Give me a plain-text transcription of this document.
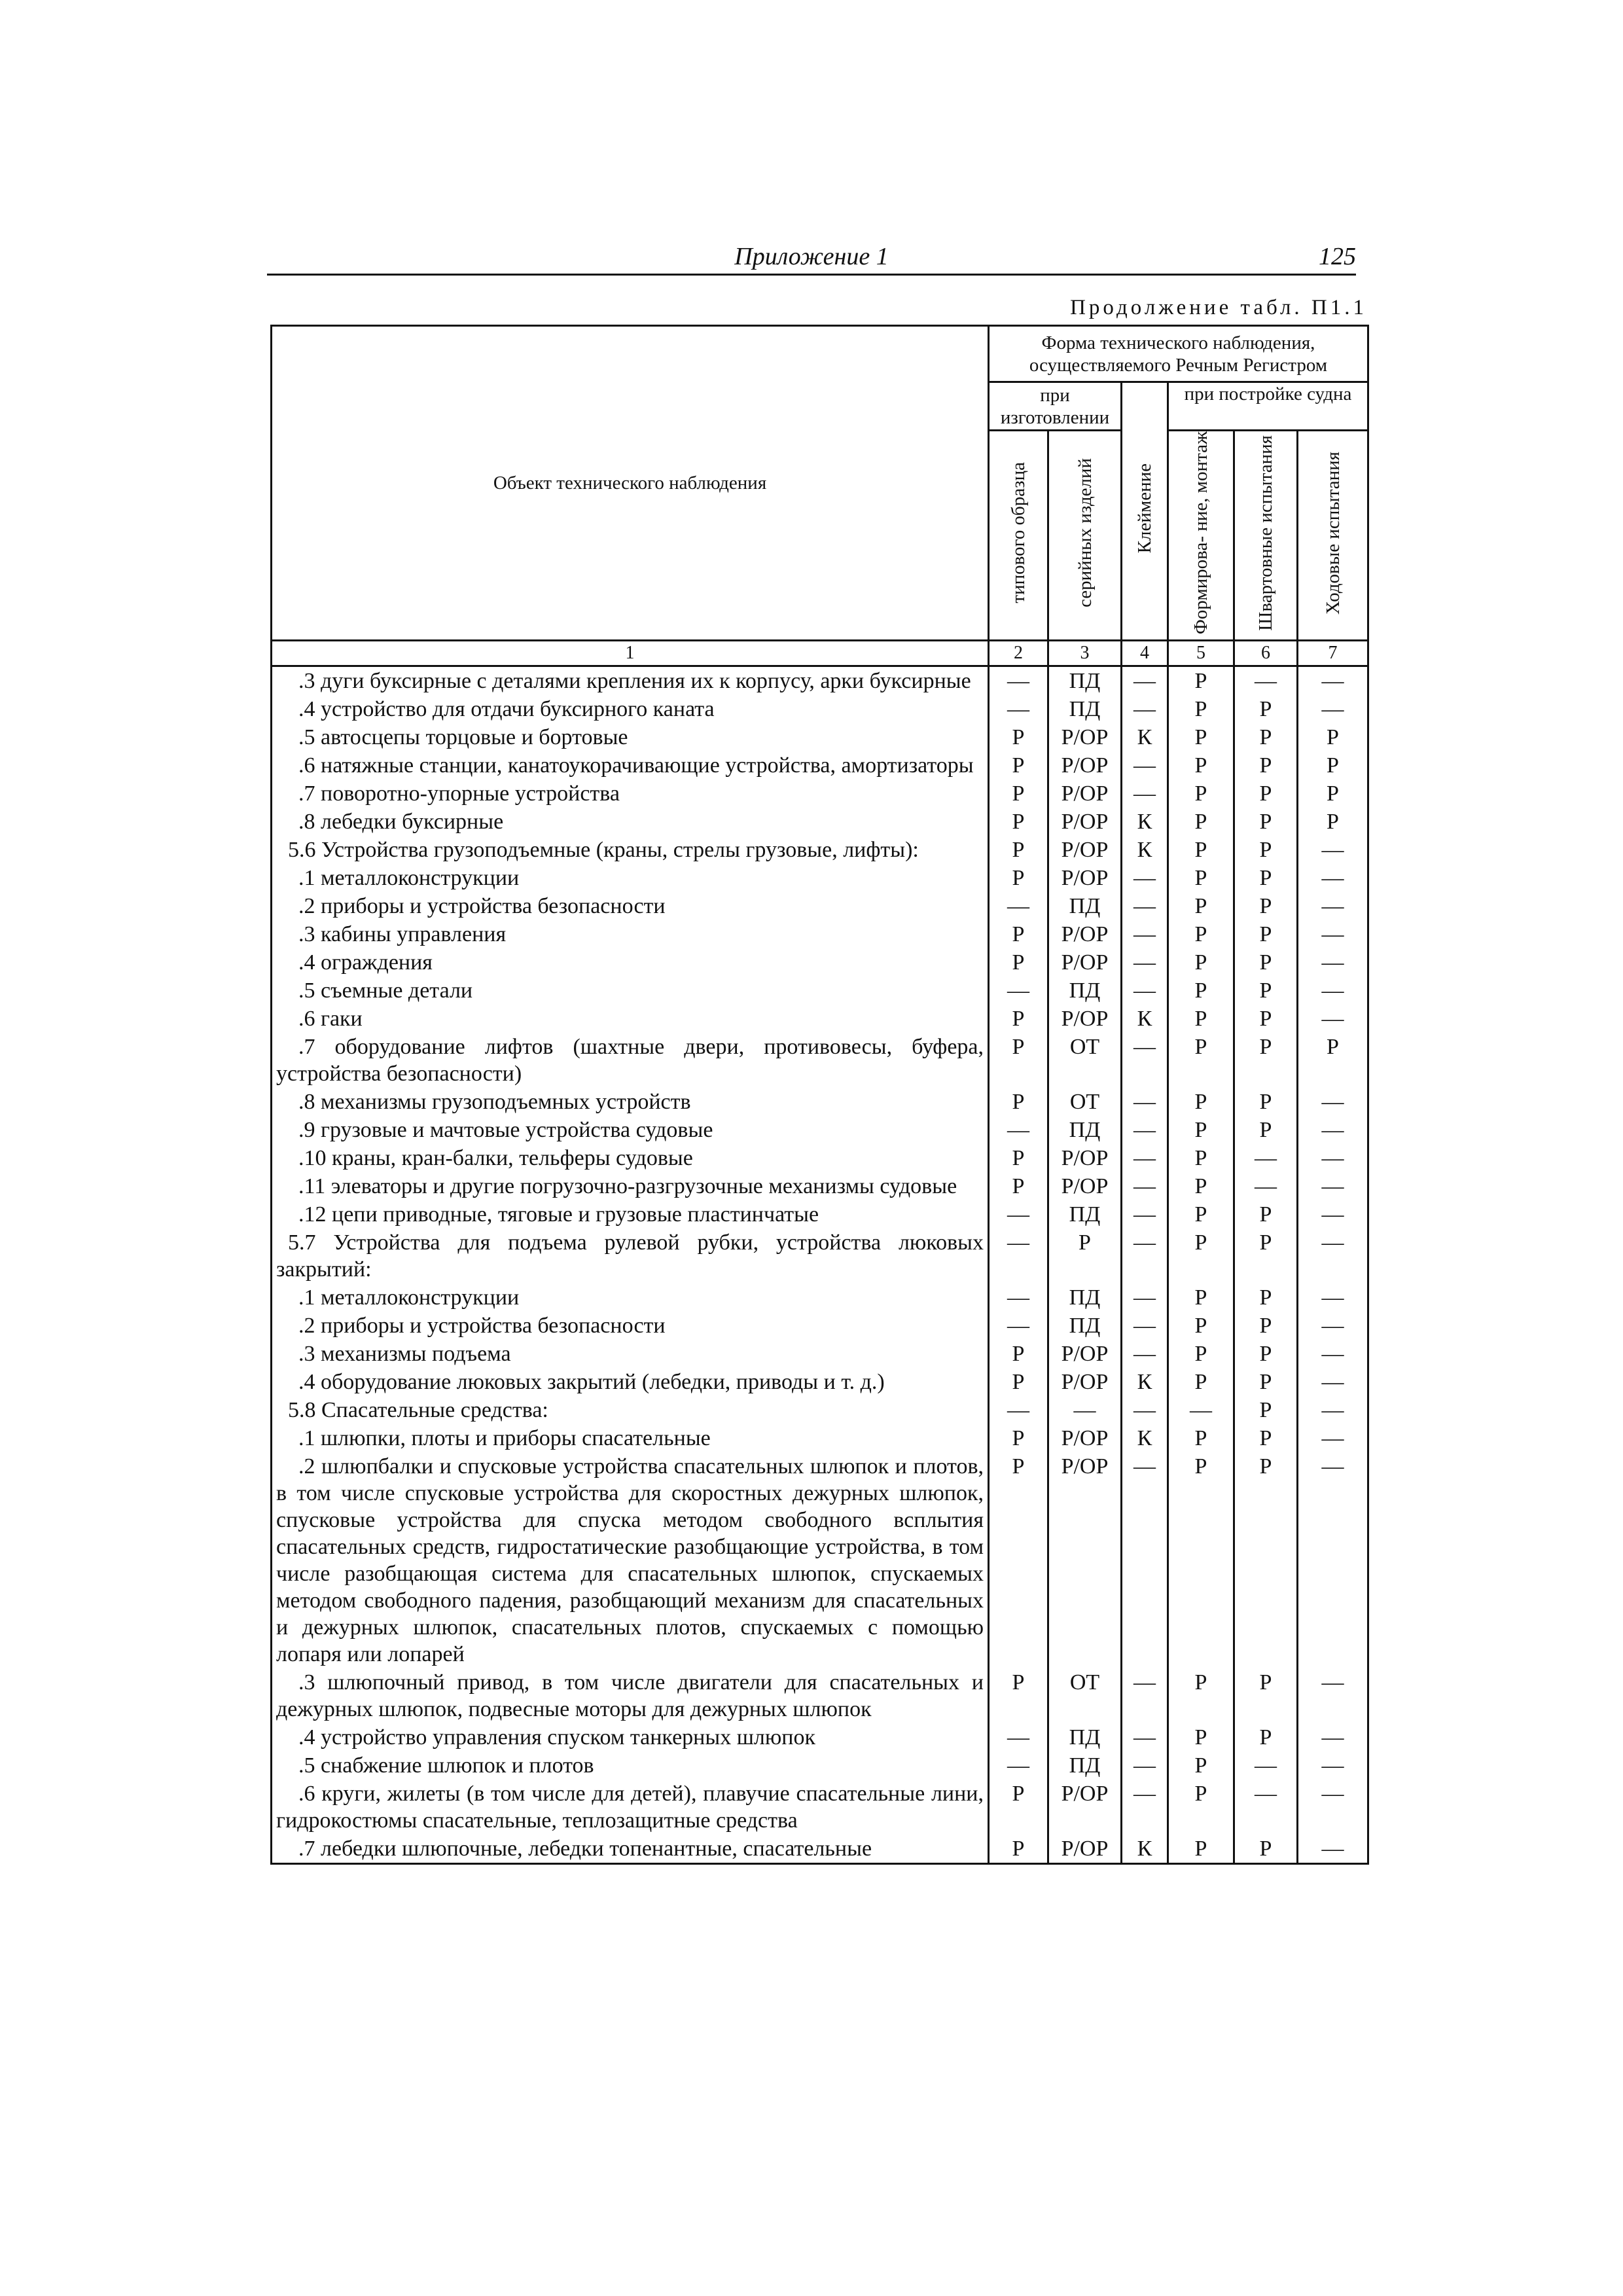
Приложение 1	125
Продолжение табл. П1.1
Объект технического наблюдения	Форма технического наблюдения, осуществляемого Речным Регистром					
	при изготовлении		Клеймение	при постройке судна		
	типового образца	серийных изделий		Формирова- ние, монтаж	Швартовные испытания	Ходовые испытания
1	2	3	4	5	6	7
.3 дуги буксирные с деталями крепления их к корпусу, арки буксирные	—	ПД	—	Р	—	—
.4 устройство для отдачи буксирного каната	—	ПД	—	Р	Р	—
.5 автосцепы торцовые и бортовые	Р	Р/ОР	К	Р	Р	Р
.6 натяжные станции, канатоукорачивающие устройства, амортизаторы	Р	Р/ОР	—	Р	Р	Р
.7 поворотно-упорные устройства	Р	Р/ОР	—	Р	Р	Р
.8 лебедки буксирные	Р	Р/ОР	К	Р	Р	Р
5.6 Устройства грузоподъемные (краны, стрелы грузовые, лифты):	Р	Р/ОР	К	Р	Р	—
.1 металлоконструкции	Р	Р/ОР	—	Р	Р	—
.2 приборы и устройства безопасности	—	ПД	—	Р	Р	—
.3 кабины управления	Р	Р/ОР	—	Р	Р	—
.4 ограждения	Р	Р/ОР	—	Р	Р	—
.5 съемные детали	—	ПД	—	Р	Р	—
.6 гаки	Р	Р/ОР	К	Р	Р	—
.7 оборудование лифтов (шахтные двери, противовесы, буфера, устройства безопасности)	Р	ОТ	—	Р	Р	Р
.8 механизмы грузоподъемных устройств	Р	ОТ	—	Р	Р	—
.9 грузовые и мачтовые устройства судовые	—	ПД	—	Р	Р	—
.10 краны, кран-балки, тельферы судовые	Р	Р/ОР	—	Р	—	—
.11 элеваторы и другие погрузочно-разгрузочные механизмы судовые	Р	Р/ОР	—	Р	—	—
.12 цепи приводные, тяговые и грузовые пластинчатые	—	ПД	—	Р	Р	—
5.7 Устройства для подъема рулевой рубки, устройства люковых закрытий:	—	Р	—	Р	Р	—
.1 металлоконструкции	—	ПД	—	Р	Р	—
.2 приборы и устройства безопасности	—	ПД	—	Р	Р	—
.3 механизмы подъема	Р	Р/ОР	—	Р	Р	—
.4 оборудование люковых закрытий (лебедки, приводы и т. д.)	Р	Р/ОР	К	Р	Р	—
5.8 Спасательные средства:	—	—	—	—	Р	—
.1 шлюпки, плоты и приборы спасательные	Р	Р/ОР	К	Р	Р	—
.2 шлюпбалки и спусковые устройства спасательных шлюпок и плотов, в том числе спусковые устройства для скоростных дежурных шлюпок, спусковые устройства для спуска методом свободного всплытия спасательных средств, гидростатические разобщающие устройства, в том числе разобщающая система для спасательных шлюпок, спускаемых методом свободного падения, разобщающий механизм для спасательных и дежурных шлюпок, спасательных плотов, спускаемых с помощью лопаря или лопарей	Р	Р/ОР	—	Р	Р	—
.3 шлюпочный привод, в том числе двигатели для спасательных и дежурных шлюпок, подвесные моторы для дежурных шлюпок	Р	ОТ	—	Р	Р	—
.4 устройство управления спуском танкерных шлюпок	—	ПД	—	Р	Р	—
.5 снабжение шлюпок и плотов	—	ПД	—	Р	—	—
.6 круги, жилеты (в том числе для детей), плавучие спасательные лини, гидрокостюмы спасательные, теплозащитные средства	Р	Р/ОР	—	Р	—	—
.7 лебедки шлюпочные, лебедки топенантные, спасательные	Р	Р/ОР	К	Р	Р	—
